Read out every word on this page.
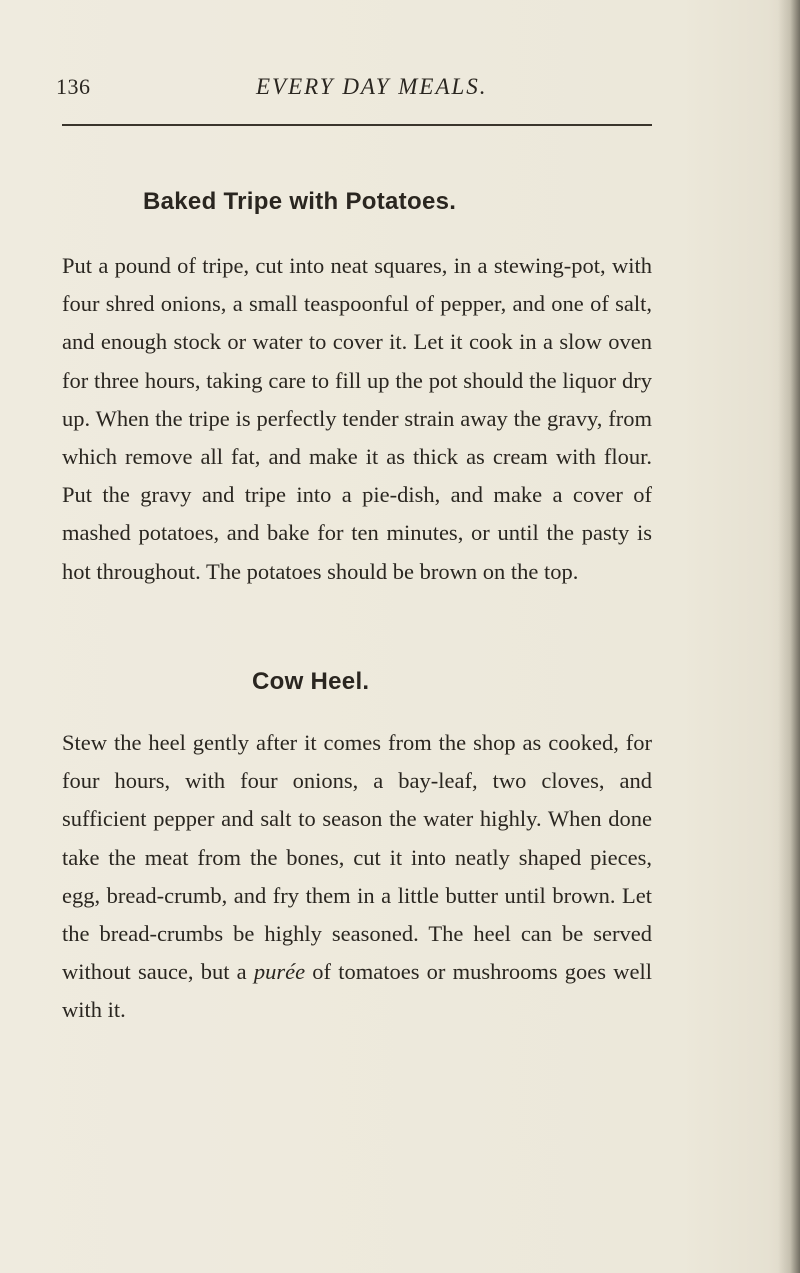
136	EVERY DAY MEALS.
Baked Tripe with Potatoes.

Put a pound of tripe, cut into neat squares, in a stewing-pot, with four shred onions, a small teaspoonful of pepper, and one of salt, and enough stock or water to cover it. Let it cook in a slow oven for three hours, taking care to fill up the pot should the liquor dry up. When the tripe is perfectly tender strain away the gravy, from which remove all fat, and make it as thick as cream with flour. Put the gravy and tripe into a pie-dish, and make a cover of mashed potatoes, and bake for ten minutes, or until the pasty is hot throughout. The potatoes should be brown on the top.

Cow Heel.

Stew the heel gently after it comes from the shop as cooked, for four hours, with four onions, a bay-leaf, two cloves, and sufficient pepper and salt to season the water highly. When done take the meat from the bones, cut it into neatly shaped pieces, egg, bread-crumb, and fry them in a little butter until brown. Let the bread-crumbs be highly seasoned. The heel can be served without sauce, but a purée of tomatoes or mushrooms goes well with it.
